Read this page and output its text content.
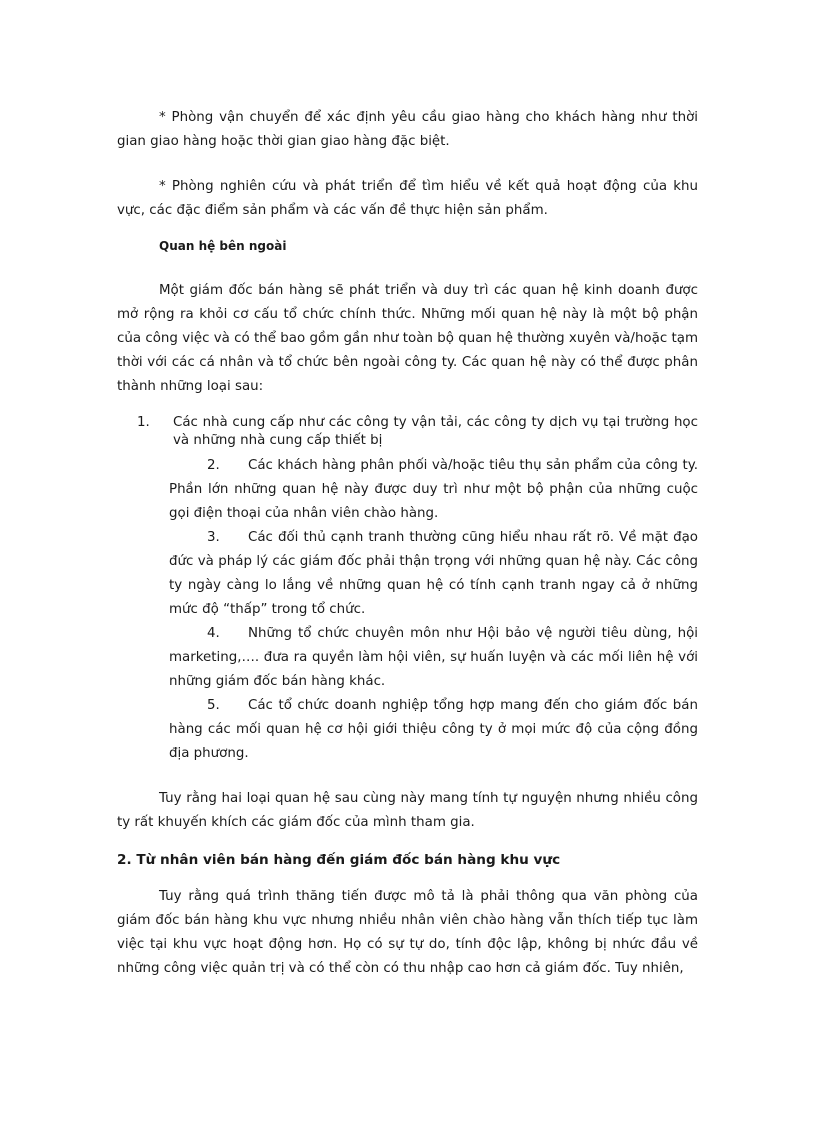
* Phòng vận chuyển để xác định yêu cầu giao hàng cho khách hàng như thời gian giao hàng hoặc thời gian giao hàng đặc biệt.

* Phòng nghiên cứu và phát triển để tìm hiểu về kết quả hoạt động của khu vực, các đặc điểm sản phẩm và các vấn đề thực hiện sản phẩm.

Quan hệ bên ngoài

Một giám đốc bán hàng sẽ phát triển và duy trì các quan hệ kinh doanh được mở rộng ra khỏi cơ cấu tổ chức chính thức. Những mối quan hệ này là một bộ phận của công việc và có thể bao gồm gần như toàn bộ quan hệ thường xuyên và/hoặc tạm thời với các cá nhân và tổ chức bên ngoài công ty. Các quan hệ này có thể được phân thành những loại sau:

1.	Các nhà cung cấp như các công ty vận tải, các công ty dịch vụ tại trường học và những nhà cung cấp thiết bị

2. Các khách hàng phân phối và/hoặc tiêu thụ sản phẩm của công ty. Phần lớn những quan hệ này được duy trì như một bộ phận của những cuộc gọi điện thoại của nhân viên chào hàng.

3. Các đối thủ cạnh tranh thường cũng hiểu nhau rất rõ. Về mặt đạo đức và pháp lý các giám đốc phải thận trọng với những quan hệ này. Các công ty ngày càng lo lắng về những quan hệ có tính cạnh tranh ngay cả ở những mức độ “thấp” trong tổ chức.

4. Những tổ chức chuyên môn như Hội bảo vệ người tiêu dùng, hội marketing,…. đưa ra quyền làm hội viên, sự huấn luyện và các mối liên hệ với những giám đốc bán hàng khác.

5. Các tổ chức doanh nghiệp tổng hợp mang đến cho giám đốc bán hàng các mối quan hệ cơ hội giới thiệu công ty ở mọi mức độ của cộng đồng địa phương.

Tuy rằng hai loại quan hệ sau cùng này mang tính tự nguyện nhưng nhiều công ty rất khuyến khích các giám đốc của mình tham gia.

2. Từ nhân viên bán hàng đến giám đốc bán hàng khu vực

Tuy rằng quá trình thăng tiến được mô tả là phải thông qua văn phòng của giám đốc bán hàng khu vực nhưng nhiều nhân viên chào hàng vẫn thích tiếp tục làm việc tại khu vực hoạt động hơn. Họ có sự tự do, tính độc lập, không bị nhức đầu về những công việc quản trị và có thể còn có thu nhập cao hơn cả giám đốc. Tuy nhiên,
